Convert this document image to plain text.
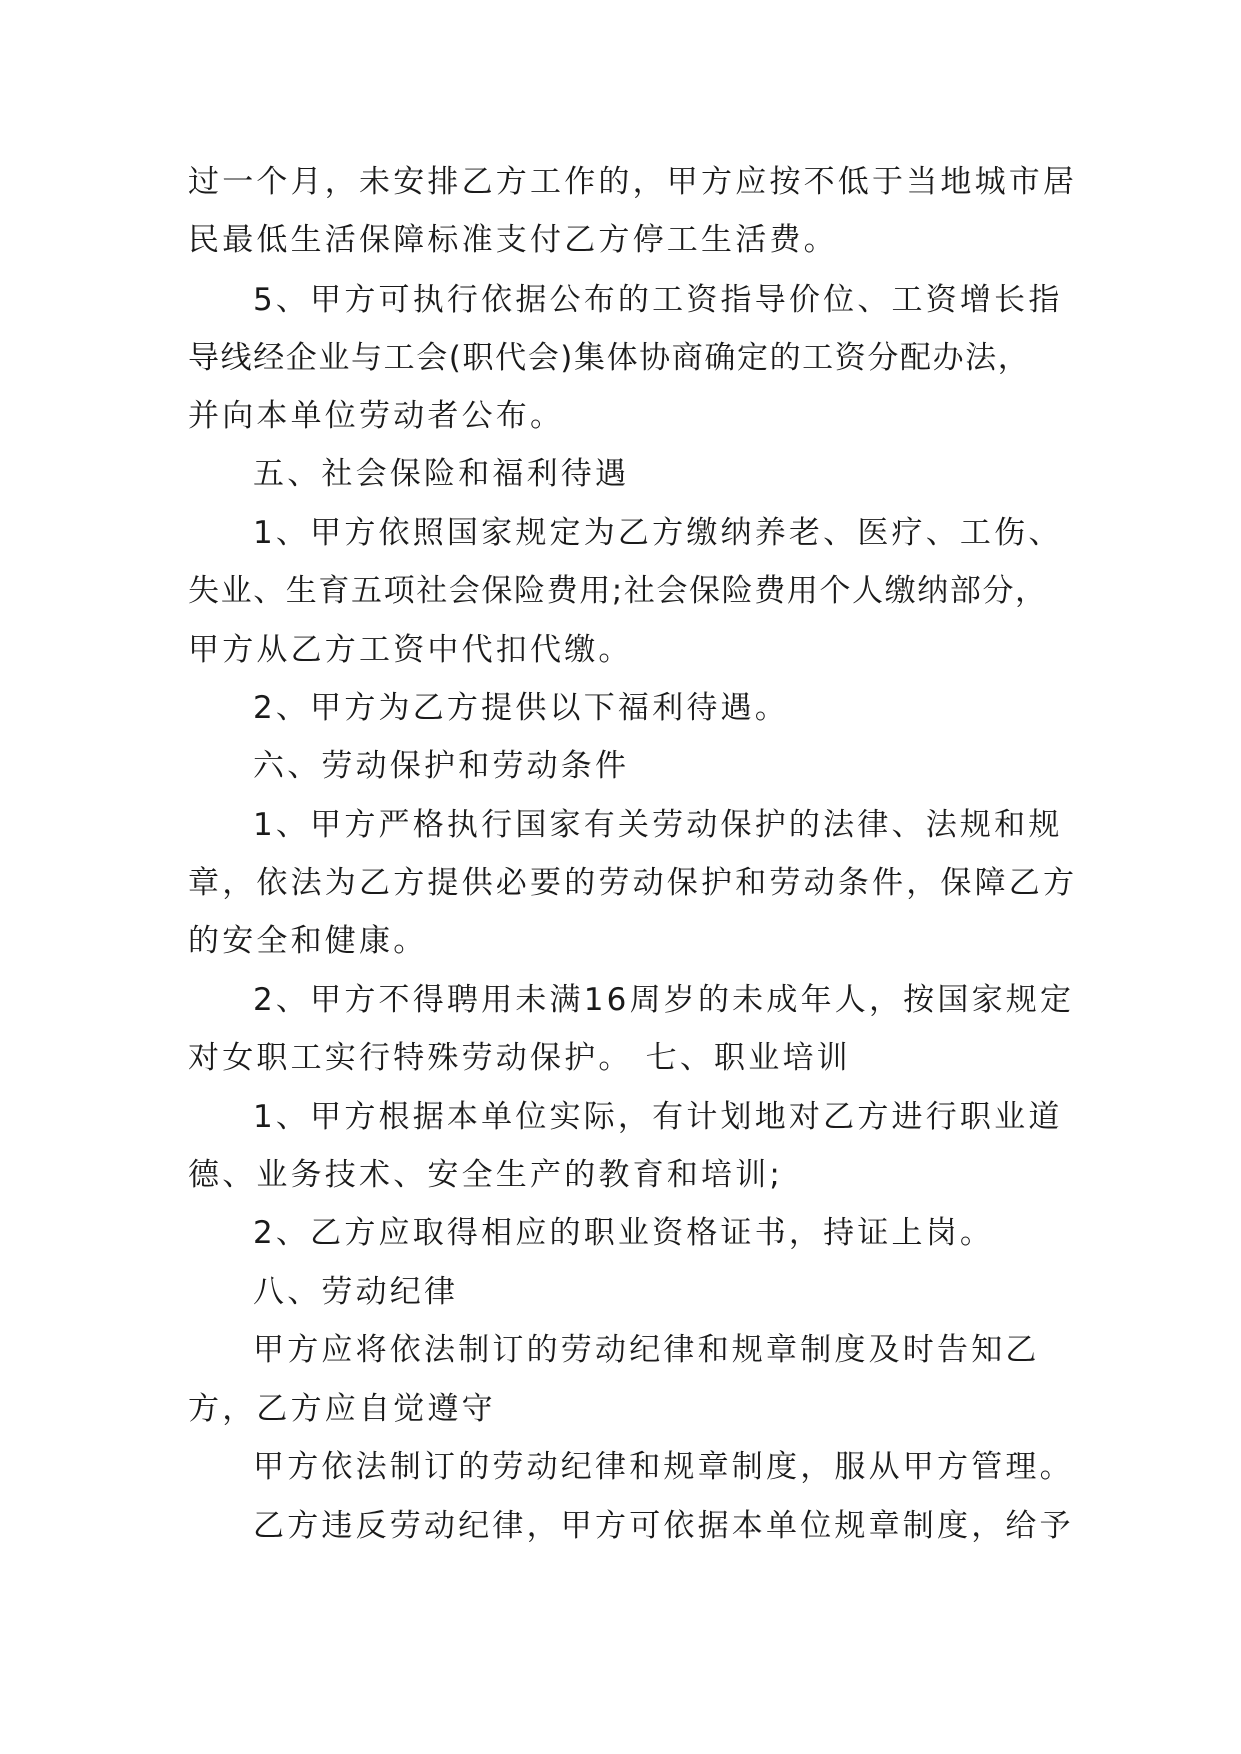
过一个月，未安排乙方工作的，甲方应按不低于当地城市居
民最低生活保障标准支付乙方停工生活费。
5、甲方可执行依据公布的工资指导价位、工资增长指
导线经企业与工会(职代会)集体协商确定的工资分配办法，
并向本单位劳动者公布。
五、社会保险和福利待遇
1、甲方依照国家规定为乙方缴纳养老、医疗、工伤、
失业、生育五项社会保险费用;社会保险费用个人缴纳部分，
甲方从乙方工资中代扣代缴。
2、甲方为乙方提供以下福利待遇。
六、劳动保护和劳动条件
1、甲方严格执行国家有关劳动保护的法律、法规和规
章，依法为乙方提供必要的劳动保护和劳动条件，保障乙方
的安全和健康。
2、甲方不得聘用未满16周岁的未成年人，按国家规定
对女职工实行特殊劳动保护。 七、职业培训
1、甲方根据本单位实际，有计划地对乙方进行职业道
德、业务技术、安全生产的教育和培训;
2、乙方应取得相应的职业资格证书，持证上岗。
八、劳动纪律
甲方应将依法制订的劳动纪律和规章制度及时告知乙
方，乙方应自觉遵守
甲方依法制订的劳动纪律和规章制度，服从甲方管理。
乙方违反劳动纪律，甲方可依据本单位规章制度，给予
